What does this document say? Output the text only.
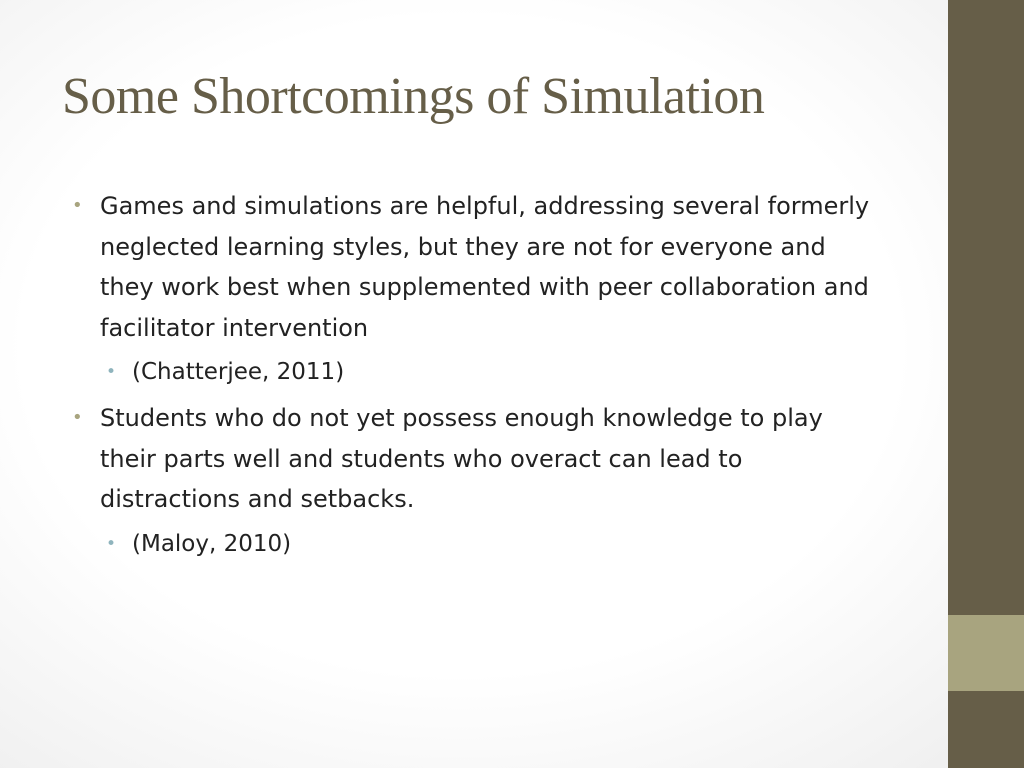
Some Shortcomings of Simulation
• Games and simulations are helpful, addressing several formerly neglected learning styles, but they are not for everyone and they work best when supplemented with peer collaboration and facilitator intervention
• (Chatterjee, 2011)
• Students who do not yet possess enough knowledge to play their parts well and students who overact can lead to distractions and setbacks.
• (Maloy, 2010)
